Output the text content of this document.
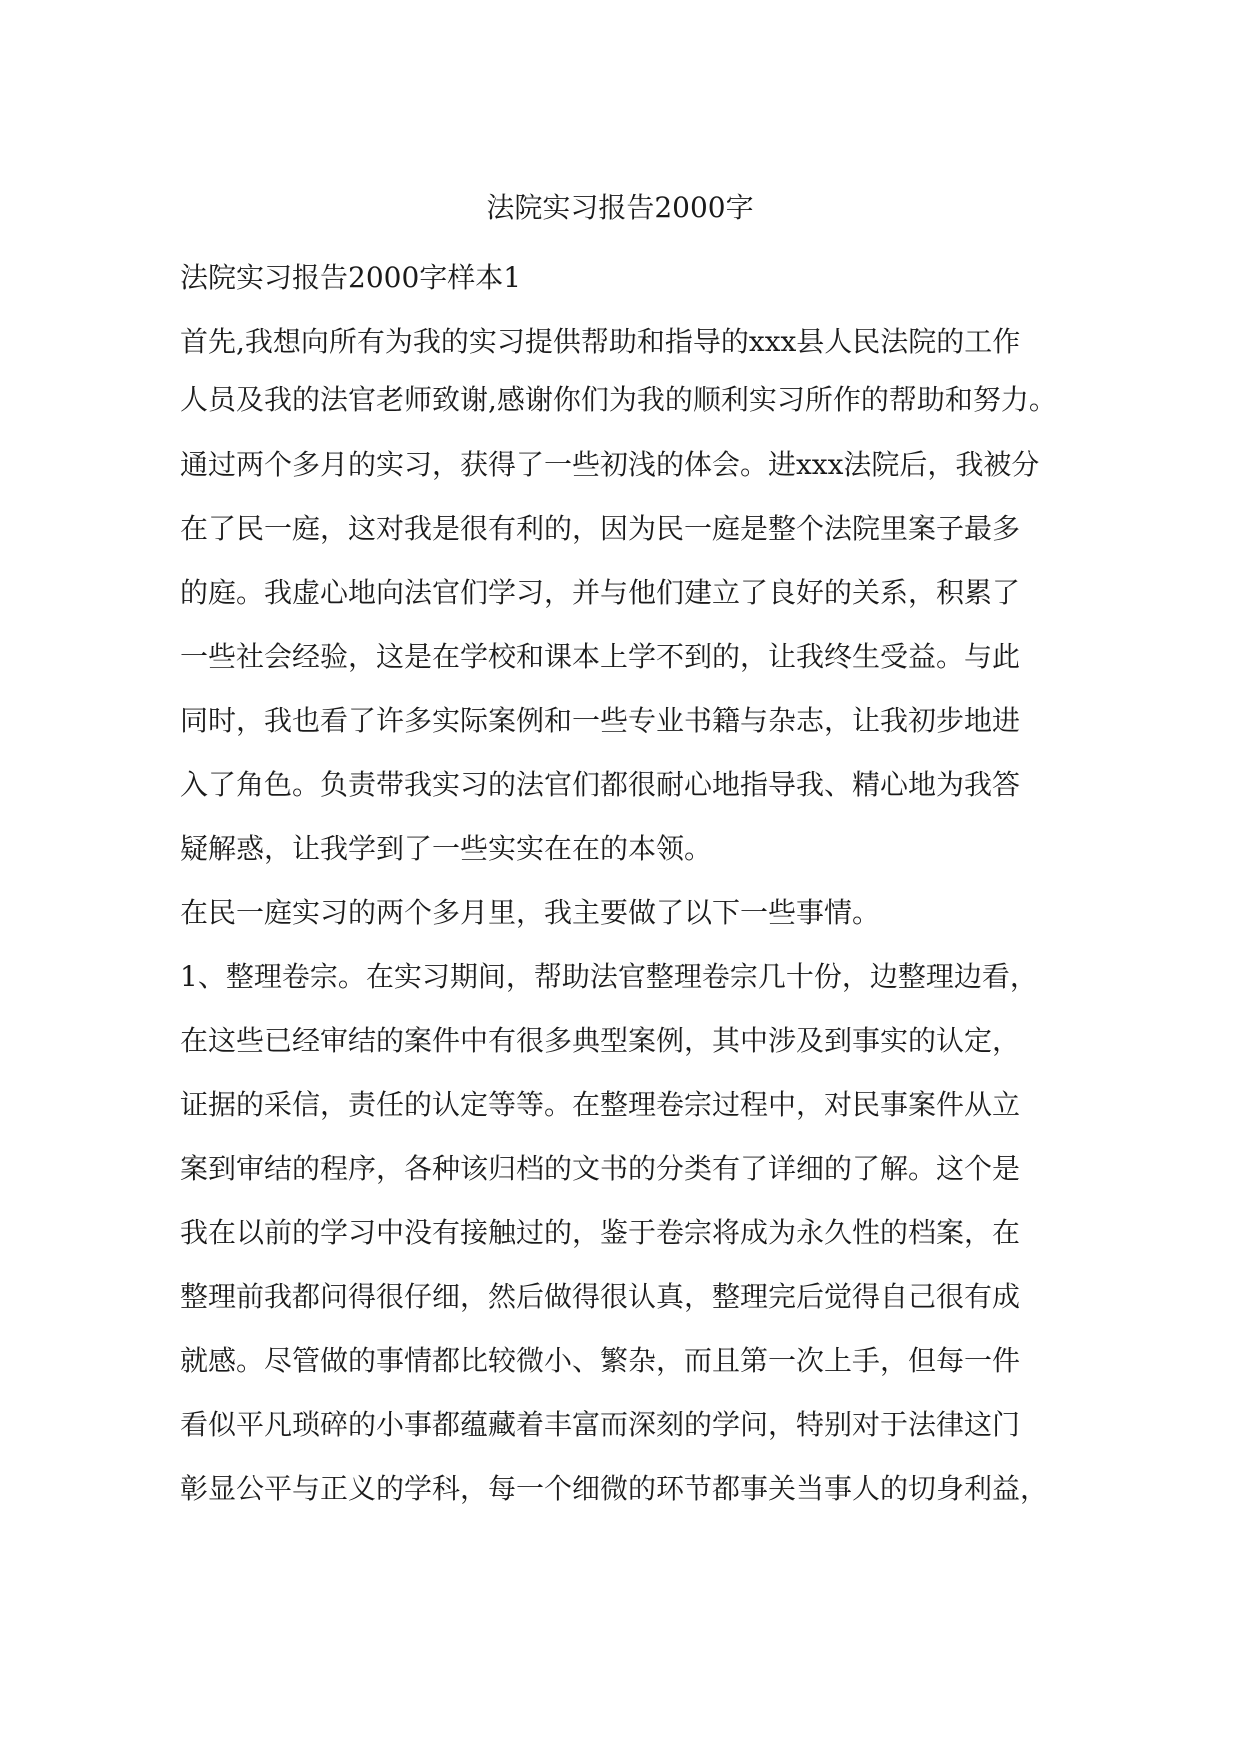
法院实习报告2000字
法院实习报告2000字样本1
首先,我想向所有为我的实习提供帮助和指导的xxx县人民法院的工作
人员及我的法官老师致谢,感谢你们为我的顺利实习所作的帮助和努力。
通过两个多月的实习，获得了一些初浅的体会。进xxx法院后，我被分
在了民一庭，这对我是很有利的，因为民一庭是整个法院里案子最多
的庭。我虚心地向法官们学习，并与他们建立了良好的关系，积累了
一些社会经验，这是在学校和课本上学不到的，让我终生受益。与此
同时，我也看了许多实际案例和一些专业书籍与杂志，让我初步地进
入了角色。负责带我实习的法官们都很耐心地指导我、精心地为我答
疑解惑，让我学到了一些实实在在的本领。
在民一庭实习的两个多月里，我主要做了以下一些事情。
1、整理卷宗。在实习期间，帮助法官整理卷宗几十份，边整理边看，
在这些已经审结的案件中有很多典型案例，其中涉及到事实的认定，
证据的采信，责任的认定等等。在整理卷宗过程中，对民事案件从立
案到审结的程序，各种该归档的文书的分类有了详细的了解。这个是
我在以前的学习中没有接触过的，鉴于卷宗将成为永久性的档案，在
整理前我都问得很仔细，然后做得很认真，整理完后觉得自己很有成
就感。尽管做的事情都比较微小、繁杂，而且第一次上手，但每一件
看似平凡琐碎的小事都蕴藏着丰富而深刻的学问，特别对于法律这门
彰显公平与正义的学科，每一个细微的环节都事关当事人的切身利益，
